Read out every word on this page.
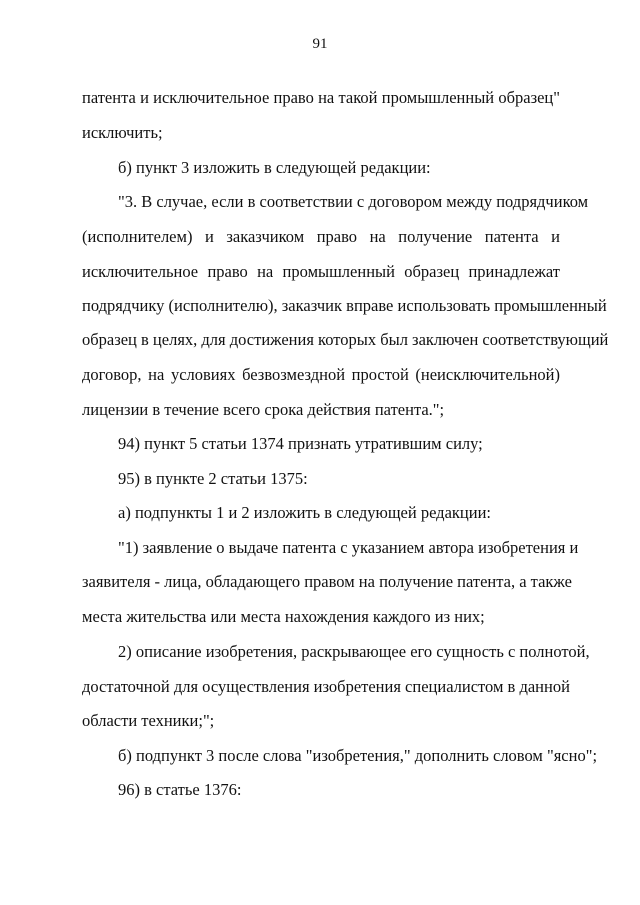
91
патента и исключительное право на такой промышленный образец"
исключить;
б) пункт 3 изложить в следующей редакции:
"3. В случае, если в соответствии с договором между подрядчиком
(исполнителем) и заказчиком право на получение патента и
исключительное право на промышленный образец принадлежат
подрядчику (исполнителю), заказчик вправе использовать промышленный
образец в целях, для достижения которых был заключен соответствующий
договор, на условиях безвозмездной простой (неисключительной)
лицензии в течение всего срока действия патента.";
94) пункт 5 статьи 1374 признать утратившим силу;
95) в пункте 2 статьи 1375:
а) подпункты 1 и 2 изложить в следующей редакции:
"1) заявление о выдаче патента с указанием автора изобретения и
заявителя - лица, обладающего правом на получение патента, а также
места жительства или места нахождения каждого из них;
2) описание изобретения, раскрывающее его сущность с полнотой,
достаточной для осуществления изобретения специалистом в данной
области техники;";
б) подпункт 3 после слова "изобретения," дополнить словом "ясно";
96) в статье 1376:
